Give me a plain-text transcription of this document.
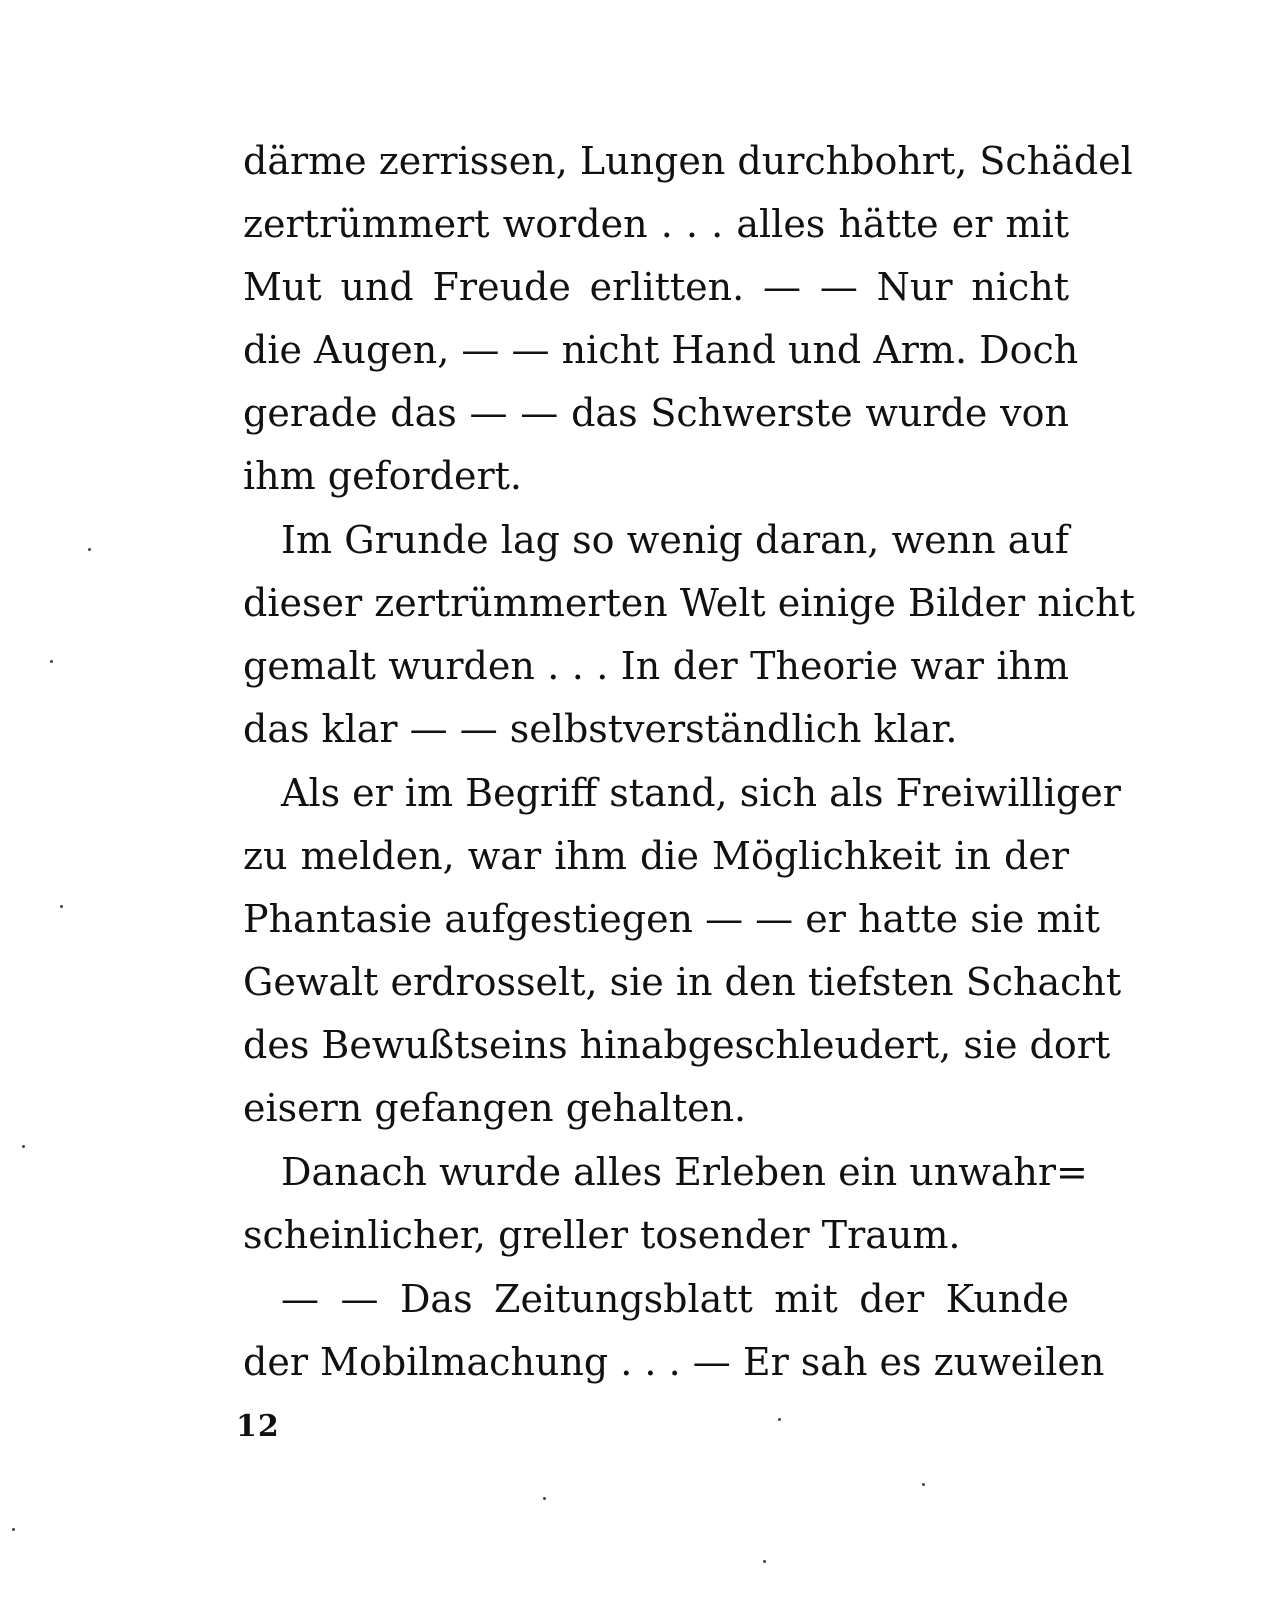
därme zerrissen, Lungen durchbohrt, Schädel
zertrümmert worden . . . alles hätte er mit
Mut und Freude erlitten. — — Nur nicht
die Augen, — — nicht Hand und Arm. Doch
gerade das — — das Schwerste wurde von
ihm gefordert.

Im Grunde lag so wenig daran, wenn auf
dieser zertrümmerten Welt einige Bilder nicht
gemalt wurden . . . In der Theorie war ihm
das klar — — selbstverständlich klar.

Als er im Begriff stand, sich als Freiwilliger
zu melden, war ihm die Möglichkeit in der
Phantasie aufgestiegen — — er hatte sie mit
Gewalt erdrosselt, sie in den tiefsten Schacht
des Bewußtseins hinabgeschleudert, sie dort
eisern gefangen gehalten.

Danach wurde alles Erleben ein unwahr=
scheinlicher, greller tosender Traum.

— — Das Zeitungsblatt mit der Kunde
der Mobilmachung . . . — Er sah es zuweilen

12
